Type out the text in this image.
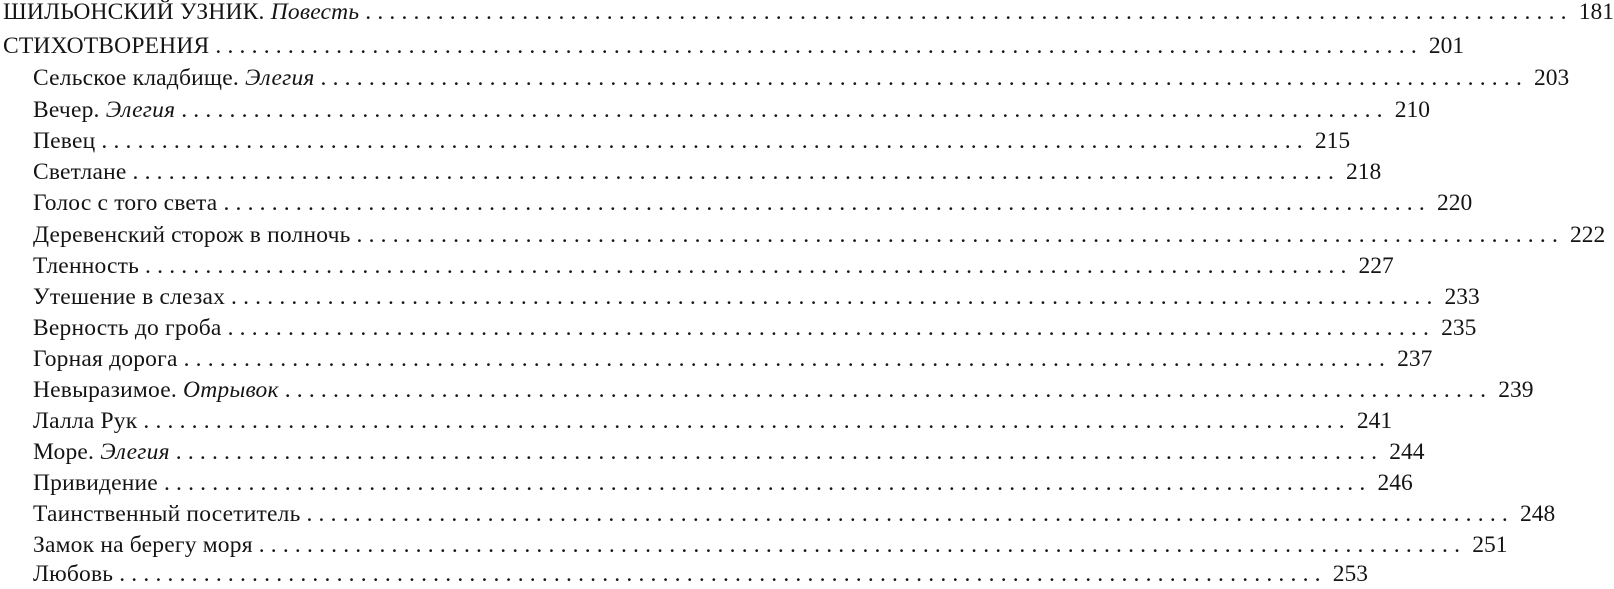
ШИЛЬОНСКИЙ УЗНИК. Повесть .................................................................................................... 181
СТИХОТВОРЕНИЯ .................................................................................................... 201
Сельское кладбище. Элегия .................................................................................................... 203
Вечер. Элегия .................................................................................................... 210
Певец .................................................................................................... 215
Светлане .................................................................................................... 218
Голос с того света .................................................................................................... 220
Деревенский сторож в полночь .................................................................................................... 222
Тленность .................................................................................................... 227
Утешение в слезах .................................................................................................... 233
Верность до гроба .................................................................................................... 235
Горная дорога .................................................................................................... 237
Невыразимое. Отрывок .................................................................................................... 239
Лалла Рук .................................................................................................... 241
Море. Элегия .................................................................................................... 244
Привидение .................................................................................................... 246
Таинственный посетитель .................................................................................................... 248
Замок на берегу моря .................................................................................................... 251
Любовь .................................................................................................... 253
